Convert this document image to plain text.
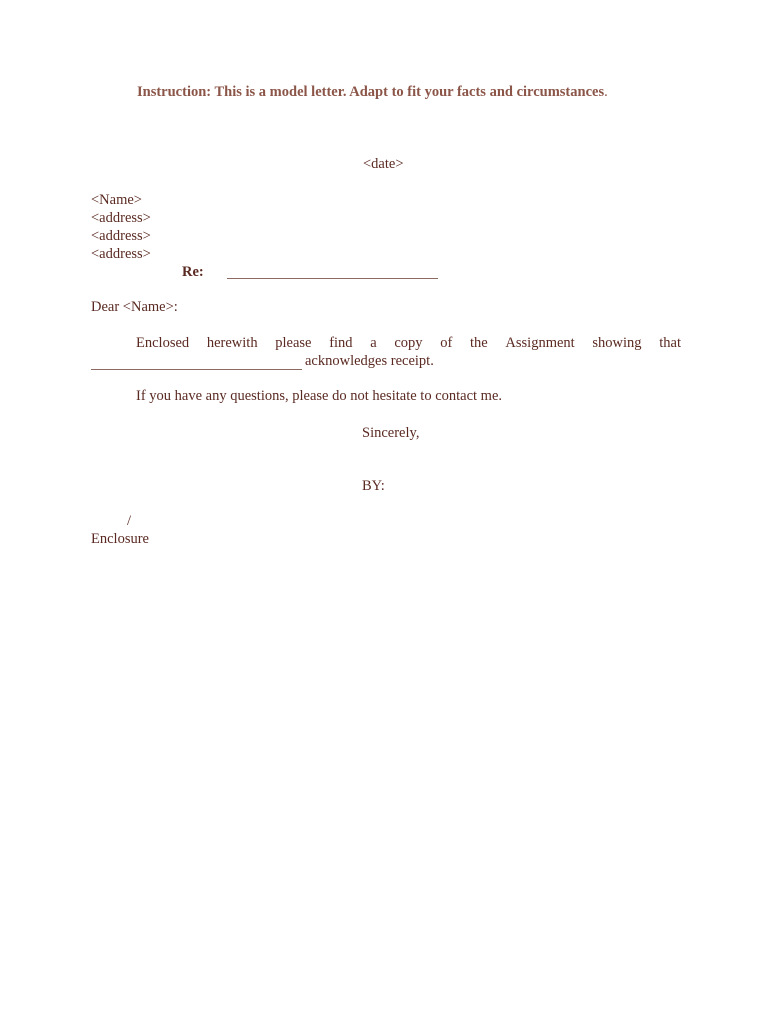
Instruction: This is a model letter. Adapt to fit your facts and circumstances.
<date>
<Name>
<address>
<address>
<address>
Re:
Dear <Name>:
Enclosed herewith please find a copy of the Assignment showing that
acknowledges receipt.
If you have any questions, please do not hesitate to contact me.
Sincerely,
BY:
/
Enclosure
